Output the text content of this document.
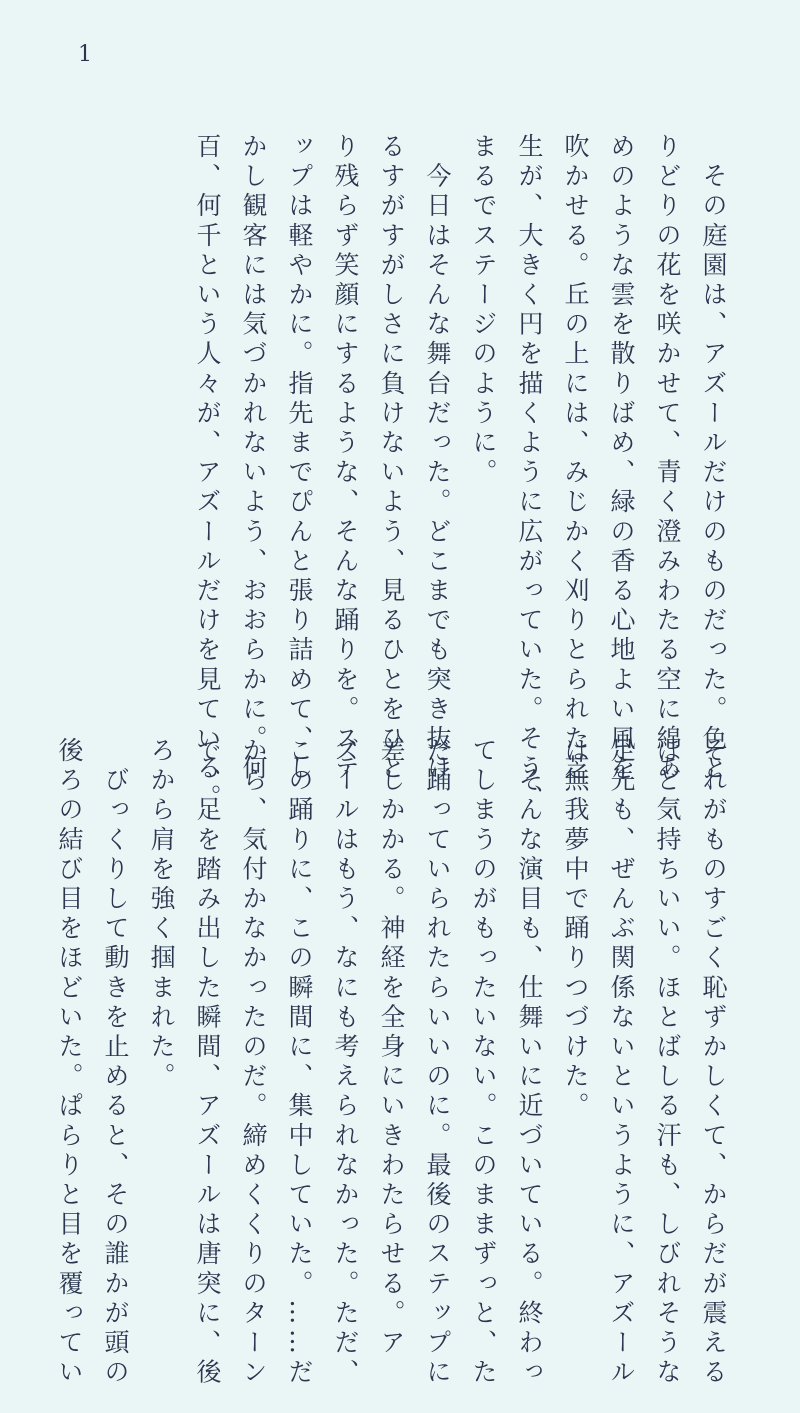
1
　その庭園は、アズールだけのものだった。色と
りどりの花を咲かせて、青く澄みわたる空に綿あ
めのような雲を散りばめ、緑の香る心地よい風を
吹かせる。丘の上には、みじかく刈りとられた芝
生が、大きく円を描くように広がっていた。そう、
まるでステージのように。
　今日はそんな舞台だった。どこまでも突き抜け
るすがすがしさに負けないよう、見るひとをひと
り残らず笑顔にするような、そんな踊りを。ステ
ップは軽やかに。指先までぴんと張り詰めて、し
かし観客には気づかれないよう、おおらかに。何
百、何千という人々が、アズールだけを見ている。
それがものすごく恥ずかしくて、からだが震える
ほど気持ちいい。ほとばしる汗も、しびれそうな
足先も、ぜんぶ関係ないというように、アズール
は無我夢中で踊りつづけた。
　そんな演目も、仕舞いに近づいている。終わっ
てしまうのがもったいない。このままずっと、た
だ踊っていられたらいいのに。最後のステップに
差しかかる。神経を全身にいきわたらせる。ア
ズールはもう、なにも考えられなかった。ただ、
この踊りに、この瞬間に、集中していた。……だ
から、気付かなかったのだ。締めくくりのターン
で、足を踏み出した瞬間、アズールは唐突に、後
ろから肩を強く掴まれた。
　びっくりして動きを止めると、その誰かが頭の
後ろの結び目をほどいた。ぱらりと目を覆ってい
